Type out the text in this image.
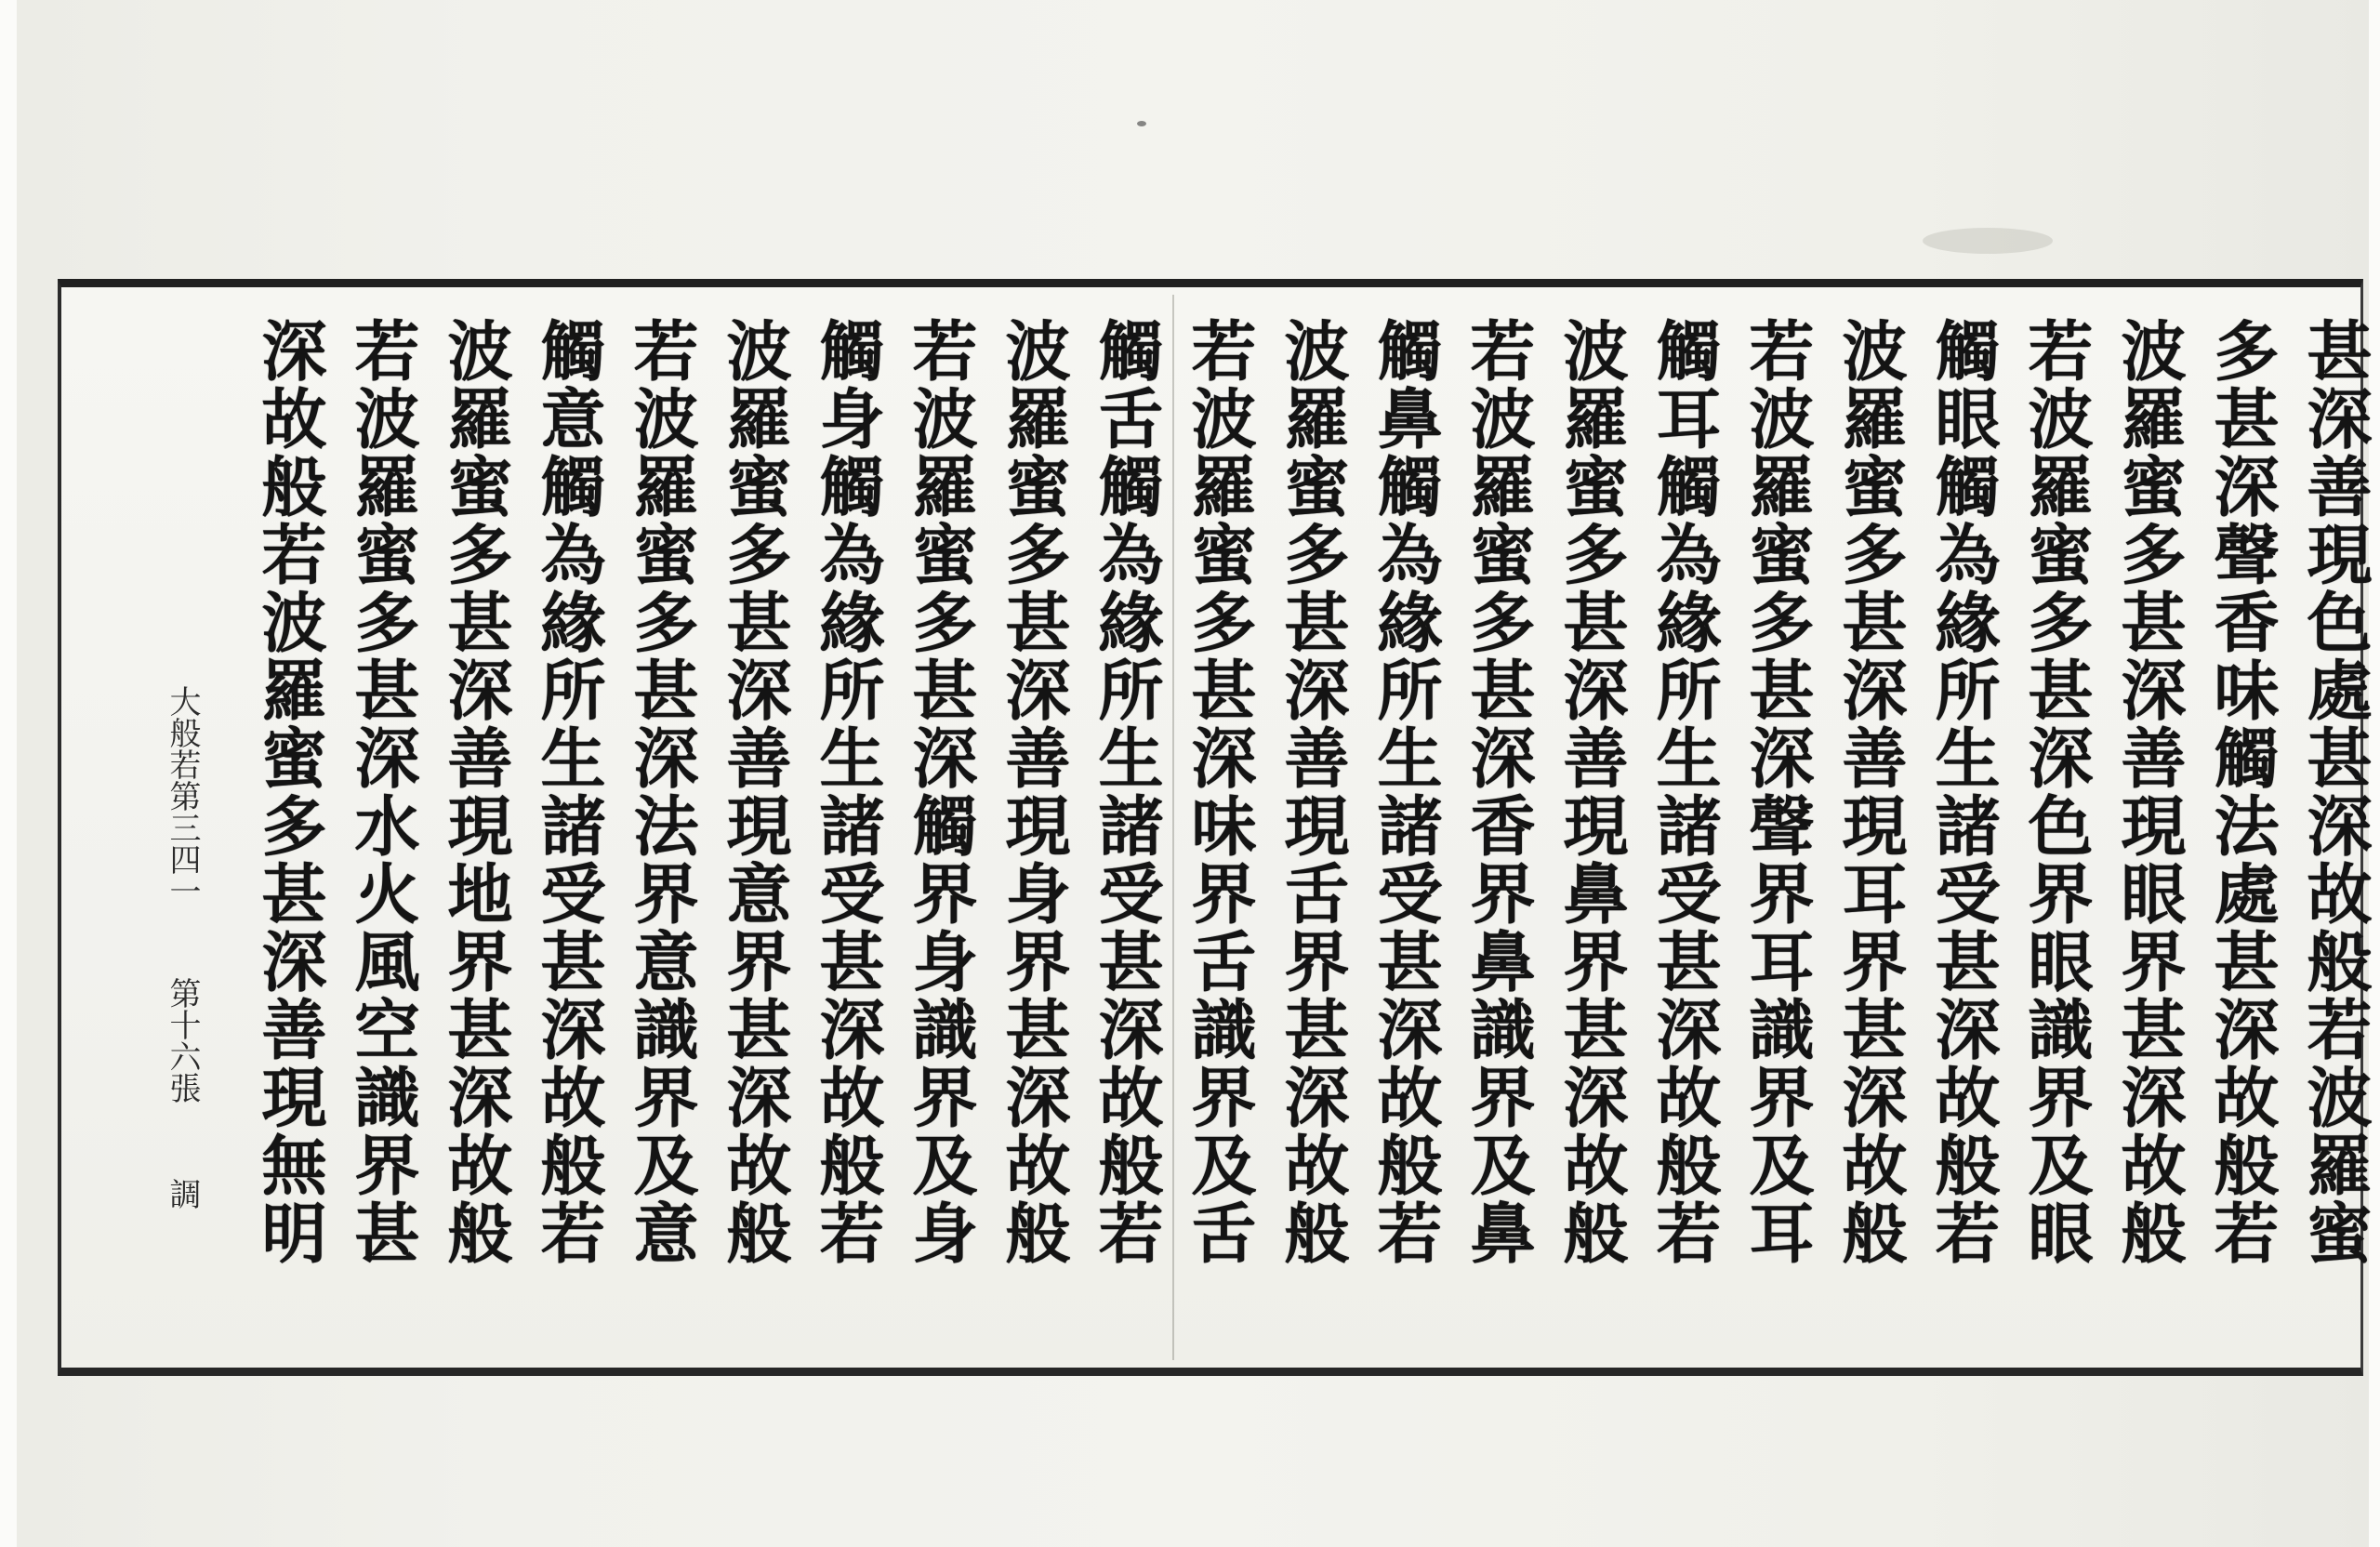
甚深善現色處甚深故般若波羅蜜
多甚深聲香味觸法處甚深故般若
波羅蜜多甚深善現眼界甚深故般
若波羅蜜多甚深色界眼識界及眼
觸眼觸為緣所生諸受甚深故般若
波羅蜜多甚深善現耳界甚深故般
若波羅蜜多甚深聲界耳識界及耳
觸耳觸為緣所生諸受甚深故般若
波羅蜜多甚深善現鼻界甚深故般
若波羅蜜多甚深香界鼻識界及鼻
觸鼻觸為緣所生諸受甚深故般若
波羅蜜多甚深善現舌界甚深故般
若波羅蜜多甚深味界舌識界及舌
觸舌觸為緣所生諸受甚深故般若
波羅蜜多甚深善現身界甚深故般
若波羅蜜多甚深觸界身識界及身
觸身觸為緣所生諸受甚深故般若
波羅蜜多甚深善現意界甚深故般
若波羅蜜多甚深法界意識界及意
觸意觸為緣所生諸受甚深故般若
波羅蜜多甚深善現地界甚深故般
若波羅蜜多甚深水火風空識界甚
深故般若波羅蜜多甚深善現無明
大般若第三四一
第十六張
調
